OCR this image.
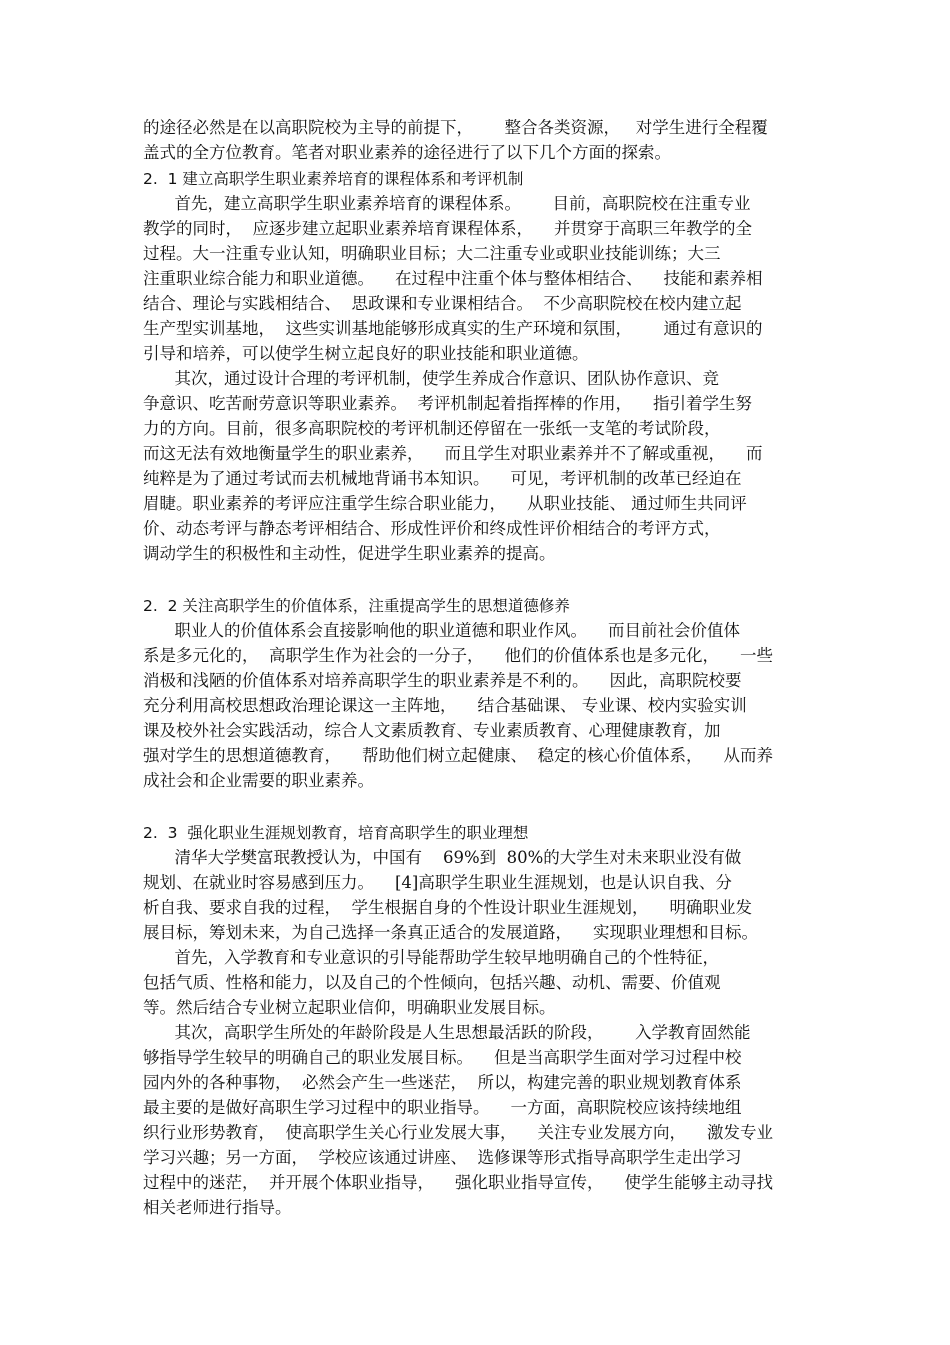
的途径必然是在以高职院校为主导的前提下，      整合各类资源，   对学生进行全程覆
盖式的全方位教育。笔者对职业素养的途径进行了以下几个方面的探索。
2.  1 建立高职学生职业素养培育的课程体系和考评机制
首先，建立高职学生职业素养培育的课程体系。      目前，高职院校在注重专业
教学的同时，  应逐步建立起职业素养培育课程体系，    并贯穿于高职三年教学的全
过程。大一注重专业认知，明确职业目标；大二注重专业或职业技能训练；大三
注重职业综合能力和职业道德。    在过程中注重个体与整体相结合、    技能和素养相
结合、理论与实践相结合、  思政课和专业课相结合。  不少高职院校在校内建立起
生产型实训基地，  这些实训基地能够形成真实的生产环境和氛围，      通过有意识的
引导和培养，可以使学生树立起良好的职业技能和职业道德。
其次，通过设计合理的考评机制，使学生养成合作意识、团队协作意识、竞
争意识、吃苦耐劳意识等职业素养。  考评机制起着指挥棒的作用，    指引着学生努
力的方向。目前，很多高职院校的考评机制还停留在一张纸一支笔的考试阶段，
而这无法有效地衡量学生的职业素养，    而且学生对职业素养并不了解或重视，    而
纯粹是为了通过考试而去机械地背诵书本知识。    可见，考评机制的改革已经迫在
眉睫。职业素养的考评应注重学生综合职业能力，    从职业技能、 通过师生共同评
价、动态考评与静态考评相结合、形成性评价和终成性评价相结合的考评方式，
调动学生的积极性和主动性，促进学生职业素养的提高。
2.  2 关注高职学生的价值体系，注重提高学生的思想道德修养
职业人的价值体系会直接影响他的职业道德和职业作风。    而目前社会价值体
系是多元化的，  高职学生作为社会的一分子，    他们的价值体系也是多元化，    一些
消极和浅陋的价值体系对培养高职学生的职业素养是不利的。    因此，高职院校要
充分利用高校思想政治理论课这一主阵地，    结合基础课、 专业课、校内实验实训
课及校外社会实践活动，综合人文素质教育、专业素质教育、心理健康教育，加
强对学生的思想道德教育，    帮助他们树立起健康、  稳定的核心价值体系，    从而养
成社会和企业需要的职业素养。
2.  3  强化职业生涯规划教育，培育高职学生的职业理想
清华大学樊富珉教授认为，中国有    69%到  80%的大学生对未来职业没有做
规划、在就业时容易感到压力。    [4]高职学生职业生涯规划，也是认识自我、分
析自我、要求自我的过程，  学生根据自身的个性设计职业生涯规划，    明确职业发
展目标，筹划未来，为自己选择一条真正适合的发展道路，    实现职业理想和目标。
首先，入学教育和专业意识的引导能帮助学生较早地明确自己的个性特征，
包括气质、性格和能力，以及自己的个性倾向，包括兴趣、动机、需要、价值观
等。然后结合专业树立起职业信仰，明确职业发展目标。
其次，高职学生所处的年龄阶段是人生思想最活跃的阶段，      入学教育固然能
够指导学生较早的明确自己的职业发展目标。    但是当高职学生面对学习过程中校
园内外的各种事物，  必然会产生一些迷茫，  所以，构建完善的职业规划教育体系
最主要的是做好高职生学习过程中的职业指导。    一方面，高职院校应该持续地组
织行业形势教育，  使高职学生关心行业发展大事，    关注专业发展方向，    激发专业
学习兴趣；另一方面，  学校应该通过讲座、  选修课等形式指导高职学生走出学习
过程中的迷茫，  并开展个体职业指导，    强化职业指导宣传，    使学生能够主动寻找
相关老师进行指导。
